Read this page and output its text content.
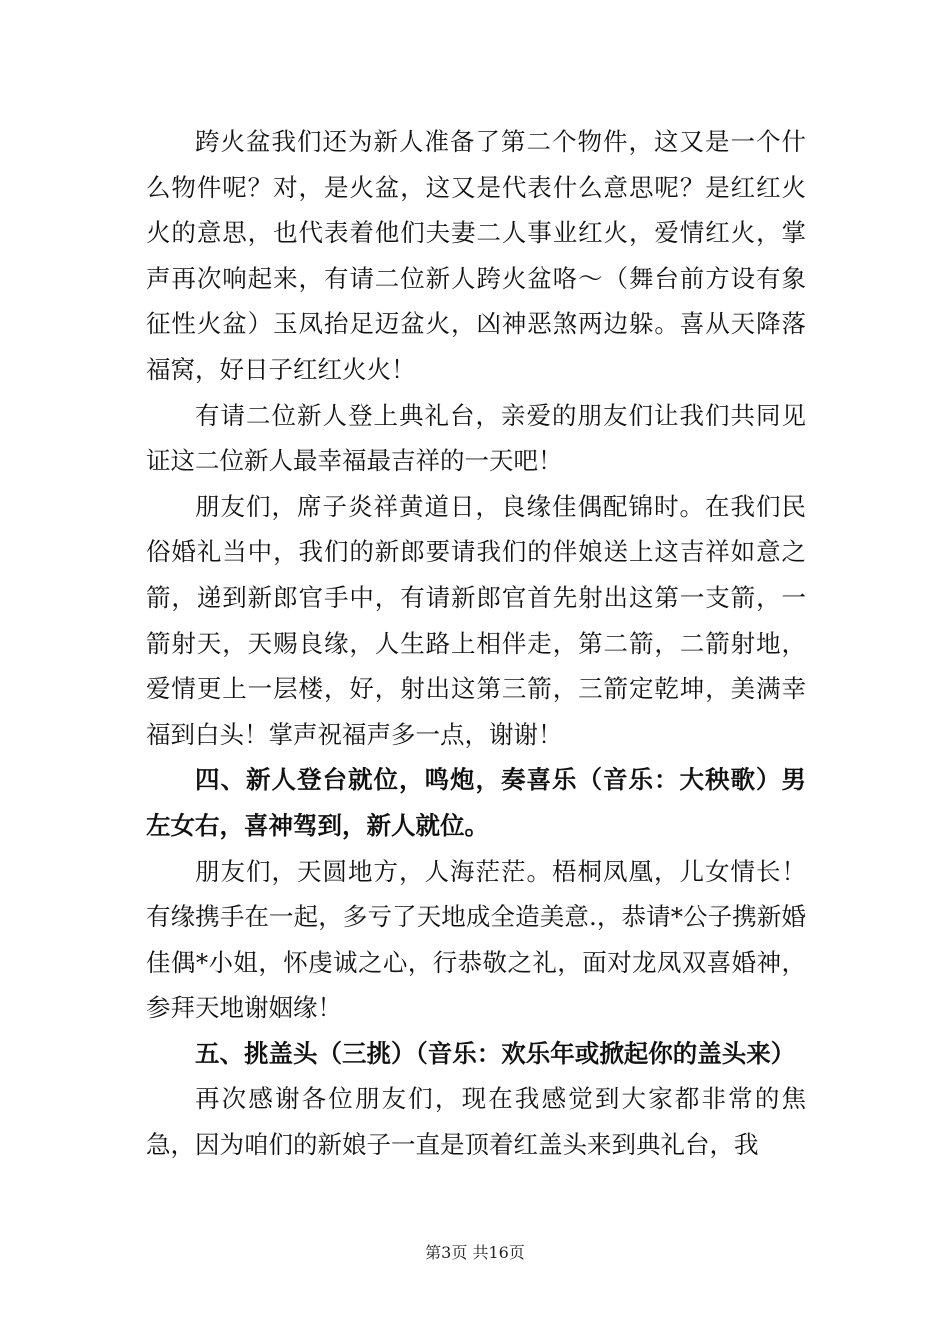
跨火盆我们还为新人准备了第二个物件，这又是一个什么物件呢？对，是火盆，这又是代表什么意思呢？是红红火火的意思，也代表着他们夫妻二人事业红火，爱情红火，掌声再次响起来，有请二位新人跨火盆咯～（舞台前方设有象征性火盆）玉凤抬足迈盆火，凶神恶煞两边躲。喜从天降落福窝，好日子红红火火！

有请二位新人登上典礼台，亲爱的朋友们让我们共同见证这二位新人最幸福最吉祥的一天吧！

朋友们，席子炎祥黄道日，良缘佳偶配锦时。在我们民俗婚礼当中，我们的新郎要请我们的伴娘送上这吉祥如意之箭，递到新郎官手中，有请新郎官首先射出这第一支箭，一箭射天，天赐良缘，人生路上相伴走，第二箭，二箭射地，爱情更上一层楼，好，射出这第三箭，三箭定乾坤，美满幸福到白头！掌声祝福声多一点，谢谢！

四、新人登台就位，鸣炮，奏喜乐（音乐：大秧歌）男左女右，喜神驾到，新人就位。

朋友们，天圆地方，人海茫茫。梧桐凤凰，儿女情长！有缘携手在一起，多亏了天地成全造美意.，恭请*公子携新婚佳偶*小姐，怀虔诚之心，行恭敬之礼，面对龙凤双喜婚神，参拜天地谢姻缘！

五、挑盖头（三挑）（音乐：欢乐年或掀起你的盖头来）

再次感谢各位朋友们，现在我感觉到大家都非常的焦急，因为咱们的新娘子一直是顶着红盖头来到典礼台，我

第3页 共16页
